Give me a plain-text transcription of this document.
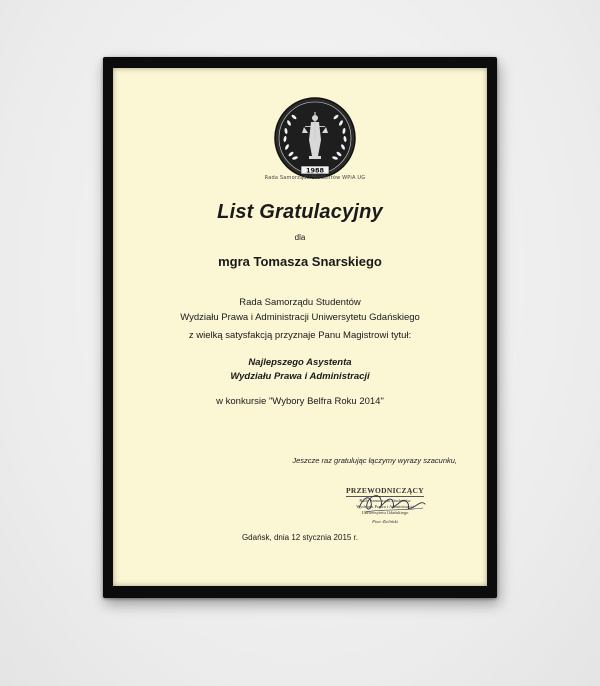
1988
Rada Samorządu Studentów WPiA UG
List Gratulacyjny
dla
mgra Tomasza Snarskiego
Rada Samorządu Studentów
Wydziału Prawa i Administracji Uniwersytetu Gdańskiego
z wielką satysfakcją przyznaje Panu Magistrowi tytuł:
Najlepszego Asystenta
Wydziału Prawa i Administracji
w konkursie "Wybory Belfra Roku 2014"
Jeszcze raz gratulując łączymy wyrazy szacunku,
PRZEWODNICZĄCY
Rady Samorządu Studentów
Wydziału Prawa i Administracji
Uniwersytetu Gdańskiego
Piotr Zieliński
Gdańsk, dnia 12 stycznia 2015 r.
